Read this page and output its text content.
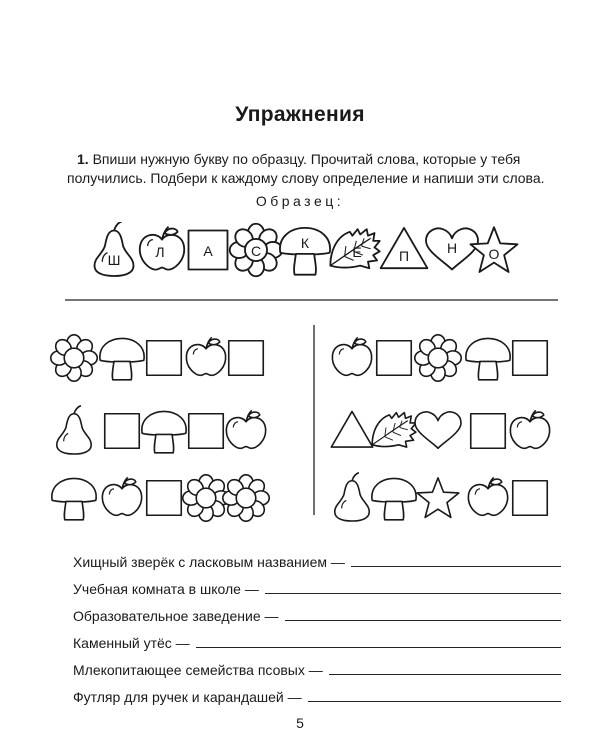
Упражнения
1. Впиши нужную букву по образцу. Прочитай слова, которые у тебя получились. Подбери к каждому слову определение и напиши эти слова.
Образец:
Ш Л	А	С	К
Е	П	Н О
Хищный зверёк с ласковым названием —
Учебная комната в школе —
Образовательное заведение —
Каменный утёс —
Млекопитающее семейства псовых —
Футляр для ручек и карандашей —
5
